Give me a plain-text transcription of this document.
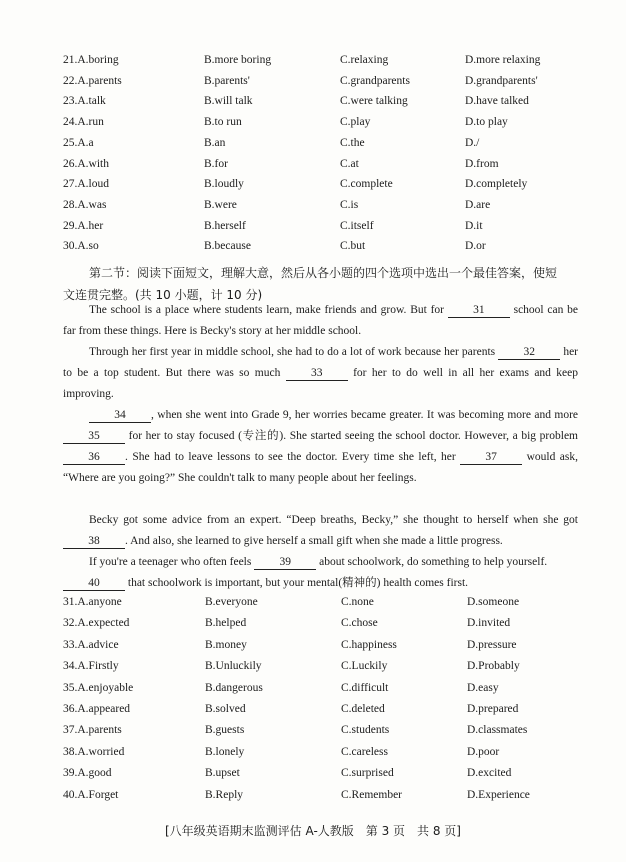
21.A.boring	B.more boring	C.relaxing	D.more relaxing
22.A.parents	B.parents'	C.grandparents	D.grandparents'
23.A.talk	B.will talk	C.were talking	D.have talked
24.A.run	B.to run	C.play	D.to play
25.A.a	B.an	C.the	D./
26.A.with	B.for	C.at	D.from
27.A.loud	B.loudly	C.complete	D.completely
28.A.was	B.were	C.is	D.are
29.A.her	B.herself	C.itself	D.it
30.A.so	B.because	C.but	D.or
第二节：阅读下面短文，理解大意，然后从各小题的四个选项中选出一个最佳答案，使短
文连贯完整。(共 10 小题，计 10 分)
The school is a place where students learn, make friends and grow. But for 31 school can be far from these things. Here is Becky's story at her middle school.
Through her first year in middle school, she had to do a lot of work because her parents 32 her to be a top student. But there was so much 33 for her to do well in all her exams and keep improving.
34 , when she went into Grade 9, her worries became greater. It was becoming more and more 35 for her to stay focused (专注的). She started seeing the school doctor. However, a big problem 36 . She had to leave lessons to see the doctor. Every time she left, her 37 would ask, “Where are you going?” She couldn't talk to many people about her feelings.
Becky got some advice from an expert. “Deep breaths, Becky,” she thought to herself when she got 38 . And also, she learned to give herself a small gift when she made a little progress.
If you're a teenager who often feels 39 about schoolwork, do something to help yourself.
40 that schoolwork is important, but your mental(精神的) health comes first.
31.A.anyone	B.everyone	C.none	D.someone
32.A.expected	B.helped	C.chose	D.invited
33.A.advice	B.money	C.happiness	D.pressure
34.A.Firstly	B.Unluckily	C.Luckily	D.Probably
35.A.enjoyable	B.dangerous	C.difficult	D.easy
36.A.appeared	B.solved	C.deleted	D.prepared
37.A.parents	B.guests	C.students	D.classmates
38.A.worried	B.lonely	C.careless	D.poor
39.A.good	B.upset	C.surprised	D.excited
40.A.Forget	B.Reply	C.Remember	D.Experience
[八年级英语期末监测评估 A-人教版　第 3 页　共 8 页]
